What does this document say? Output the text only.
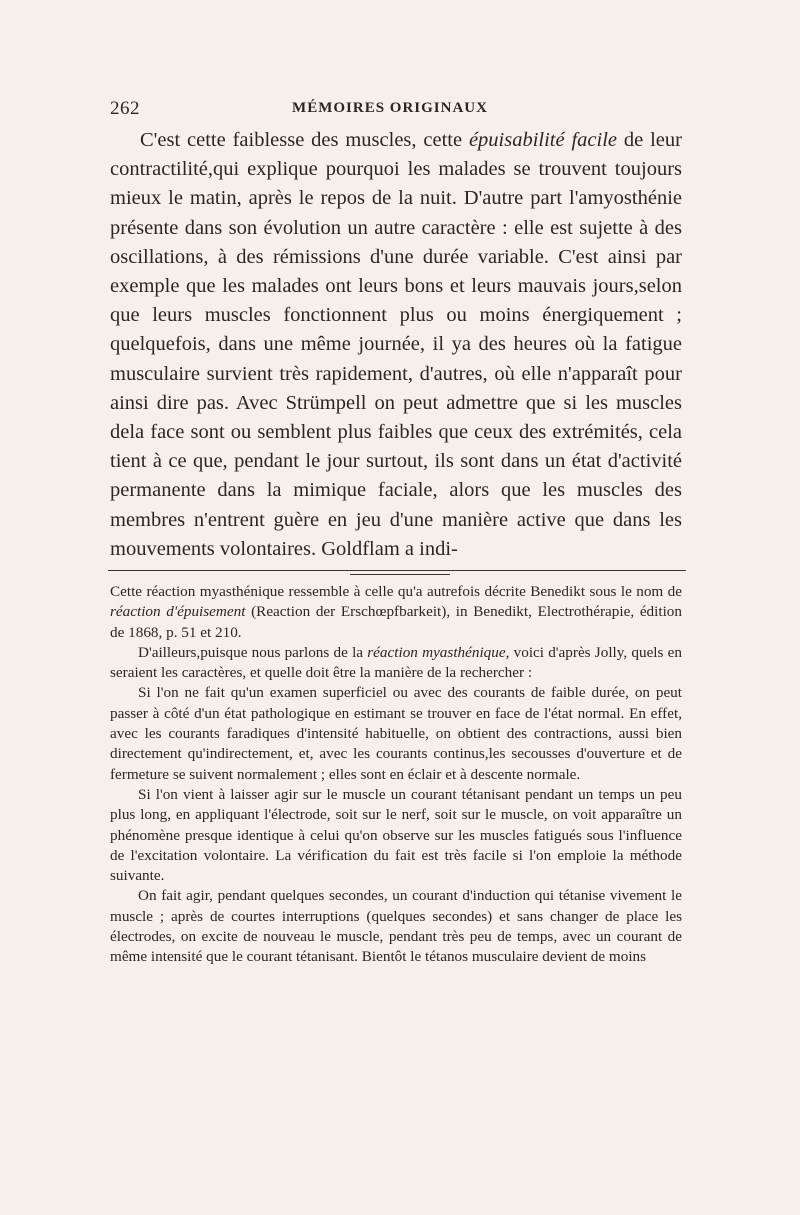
262	MÉMOIRES ORIGINAUX

C'est cette faiblesse des muscles, cette épuisabilité facile de leur contractilité,qui explique pourquoi les malades se trouvent toujours mieux le matin, après le repos de la nuit. D'autre part l'amyosthénie présente dans son évolution un autre caractère : elle est sujette à des oscillations, à des rémissions d'une durée variable. C'est ainsi par exemple que les malades ont leurs bons et leurs mauvais jours,selon que leurs muscles fonctionnent plus ou moins énergiquement ; quelquefois, dans une même journée, il ya des heures où la fatigue musculaire survient très rapidement, d'autres, où elle n'apparaît pour ainsi dire pas. Avec Strümpell on peut admettre que si les muscles dela face sont ou semblent plus faibles que ceux des extrémités, cela tient à ce que, pendant le jour surtout, ils sont dans un état d'activité permanente dans la mimique faciale, alors que les muscles des membres n'entrent guère en jeu d'une manière active que dans les mouvements volontaires. Goldflam a indi-

Cette réaction myasthénique ressemble à celle qu'a autrefois décrite Benedikt sous le nom de réaction d'épuisement (Reaction der Erschœpfbarkeit), in Benedikt, Electrothérapie, édition de 1868, p. 51 et 210.

D'ailleurs,puisque nous parlons de la réaction myasthénique, voici d'après Jolly, quels en seraient les caractères, et quelle doit être la manière de la rechercher :

Si l'on ne fait qu'un examen superficiel ou avec des courants de faible durée, on peut passer à côté d'un état pathologique en estimant se trouver en face de l'état normal. En effet, avec les courants faradiques d'intensité habituelle, on obtient des contractions, aussi bien directement qu'indirectement, et, avec les courants continus,les secousses d'ouverture et de fermeture se suivent normalement ; elles sont en éclair et à descente normale.

Si l'on vient à laisser agir sur le muscle un courant tétanisant pendant un temps un peu plus long, en appliquant l'électrode, soit sur le nerf, soit sur le muscle, on voit apparaître un phénomène presque identique à celui qu'on observe sur les muscles fatigués sous l'influence de l'excitation volontaire. La vérification du fait est très facile si l'on emploie la méthode suivante.

On fait agir, pendant quelques secondes, un courant d'induction qui tétanise vivement le muscle ; après de courtes interruptions (quelques secondes) et sans changer de place les électrodes, on excite de nouveau le muscle, pendant très peu de temps, avec un courant de même intensité que le courant tétanisant. Bientôt le tétanos musculaire devient de moins
